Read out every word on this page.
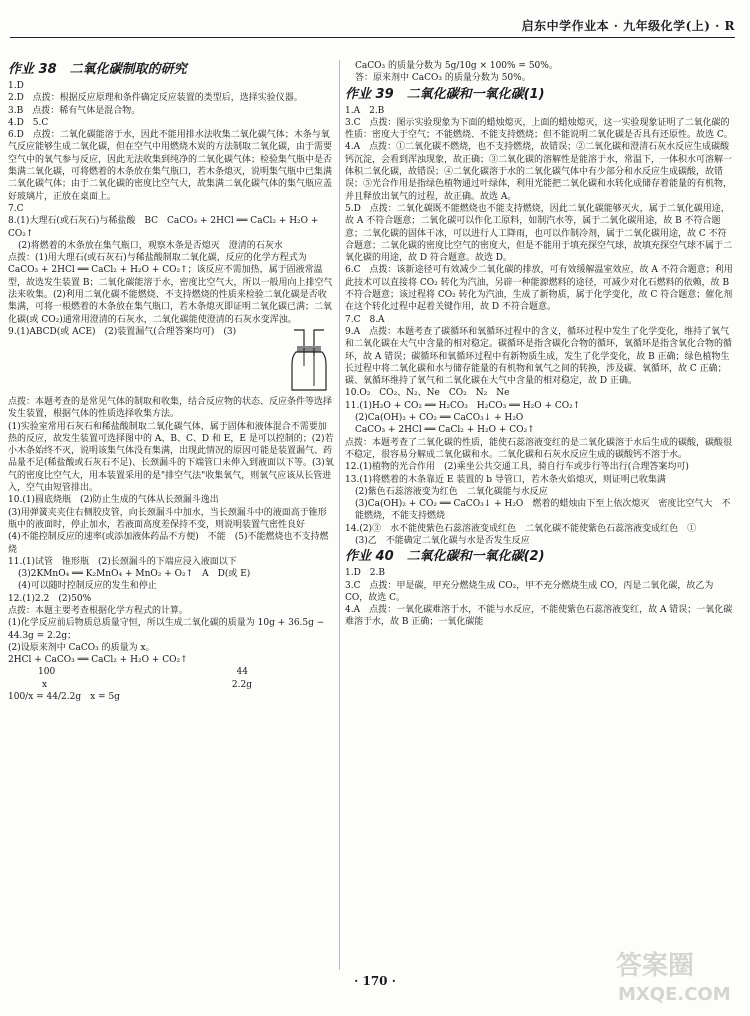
启东中学作业本 · 九年级化学(上) · R
作业 38　二氧化碳制取的研究

1.D

2.D　点拨：根据反应原理和条件确定反应装置的类型后，选择实验仪器。

3.B　点拨：稀有气体是混合物。

4.D　5.C

6.D　点拨：二氧化碳能溶于水，因此不能用排水法收集二氧化碳气体；木条与氧气反应能够生成二氧化碳，但在空气中用燃烧木炭的方法制取二氧化碳，由于需要空气中的氧气参与反应，因此无法收集到纯净的二氧化碳气体；检验集气瓶中是否集满二氧化碳，可将燃着的木条放在集气瓶口，若木条熄灭，说明集气瓶中已集满二氧化碳气体；由于二氧化碳的密度比空气大，故集满二氧化碳气体的集气瓶应盖好玻璃片，正放在桌面上。

7.C

8.(1)大理石(或石灰石)与稀盐酸　BC　CaCO₃ + 2HCl ══ CaCl₂ + H₂O + CO₂↑

(2)将燃着的木条放在集气瓶口，观察木条是否熄灭　澄清的石灰水

点拨：(1)用大理石(或石灰石)与稀盐酸制取二氧化碳，反应的化学方程式为 CaCO₃ + 2HCl ══ CaCl₂ + H₂O + CO₂↑；该反应不需加热，属于固液常温型，故选发生装置 B；二氧化碳能溶于水，密度比空气大，所以一般用向上排空气法来收集。(2)利用二氧化碳不能燃烧、不支持燃烧的性质来检验二氧化碳是否收集满，可将一根燃着的木条放在集气瓶口，若木条熄灭即证明二氧化碳已满；二氧化碳(或 CO₂)通常用澄清的石灰水，二氧化碳能使澄清的石灰水变浑浊。

9.(1)ABCD(或 ACE)　(2)装置漏气(合理答案均可)　(3)

点拨：本题考查的是常见气体的制取和收集，结合反应物的状态、反应条件等选择发生装置，根据气体的性质选择收集方法。

(1)实验室常用石灰石和稀盐酸制取二氧化碳气体，属于固体和液体混合不需要加热的反应，故发生装置可选择图中的 A、B、C、D 和 E，E 是可以控制的；(2)若小木条始终不灭，说明该集气体没有集满，出现此情况的原因可能是装置漏气、药品量不足(稀盐酸或石灰石不足)、长颈漏斗的下端管口未伸入到液面以下等。(3)氧气的密度比空气大，用本装置采用的是"排空气法"收集氧气，则氧气应该从长管进入，空气由短管排出。

10.(1)圆底烧瓶　(2)防止生成的气体从长颈漏斗逸出

(3)用弹簧夹夹住右侧胶皮管，向长颈漏斗中加水，当长颈漏斗中的液面高于锥形瓶中的液面时，停止加水，若液面高度差保持不变，则说明装置气密性良好

(4)不能控制反应的速率(或添加液体药品不方便)　不能　(5)不能燃烧也不支持燃烧

11.(1)试管　锥形瓶　(2)长颈漏斗的下端应浸入液面以下

(3)2KMnO₄ ══ K₂MnO₄ + MnO₂ + O₂↑　A　D(或 E)

(4)可以随时控制反应的发生和停止

12.(1)2.2　(2)50%

点拨：本题主要考查根据化学方程式的计算。

(1)化学反应前后物质总质量守恒，所以生成二氧化碳的质量为 10g + 36.5g − 44.3g = 2.2g；

(2)设原来剂中 CaCO₃ 的质量为 x。

2HCl + CaCO₃ ══ CaCl₂ + H₂O + CO₂↑

100	44
x	2.2g

100/x = 44/2.2g　x = 5g

CaCO₃ 的质量分数为 5g/10g × 100% = 50%。

答：原来剂中 CaCO₃ 的质量分数为 50%。

作业 39　二氧化碳和一氧化碳(1)

1.A　2.B

3.C　点拨：图示实验现象为下面的蜡烛熄灭，上面的蜡烛熄灭，这一实验现象证明了二氧化碳的性质：密度大于空气；不能燃烧、不能支持燃烧；但不能说明二氧化碳是否具有还原性。故选 C。

4.A　点拨：①二氧化碳不燃烧，也不支持燃烧，故错误；②二氧化碳和澄清石灰水反应生成碳酸钙沉淀，会看到浑浊现象，故正确；③二氧化碳的溶解性是能溶于水，常温下，一体积水可溶解一体积二氧化碳，故错误；④二氧化碳溶于水的二氧化碳气体中有少部分和水反应生成碳酸，故错误；⑤光合作用是指绿色植物通过叶绿体，利用光能把二氧化碳和水转化成储存着能量的有机物，并且释放出氧气的过程，故正确。故选 A。

5.D　点拨：二氧化碳既不能燃烧也不能支持燃烧，因此二氧化碳能够灭火，属于二氧化碳用途，故 A 不符合题意；二氧化碳可以作化工原料，如制汽水等，属于二氧化碳用途，故 B 不符合题意；二氧化碳的固体干冰，可以进行人工降雨，也可以作制冷剂，属于二氧化碳用途，故 C 不符合题意；二氧化碳的密度比空气的密度大，但是不能用于填充探空气球，故填充探空气球不属于二氧化碳的用途，故 D 符合题意。故选 D。

6.C　点拨：该新途径可有效减少二氧化碳的排放，可有效缓解温室效应，故 A 不符合题意；利用此技术可以直接将 CO₂ 转化为汽油，另辟一种能源燃料的途径，可减少对化石燃料的依赖，故 B 不符合题意；该过程将 CO₂ 转化为汽油，生成了新物质，属于化学变化，故 C 符合题意；催化剂在这个转化过程中起着关键作用，故 D 不符合题意。

7.C　8.A

9.A　点拨：本题考查了碳循环和氧循环过程中的含义，循环过程中发生了化学变化，维持了氧气和二氧化碳在大气中含量的相对稳定。碳循环是指含碳化合物的循环，氧循环是指含氧化合物的循环，故 A 错误；碳循环和氧循环过程中有新物质生成，发生了化学变化，故 B 正确；绿色植物生长过程中将二氧化碳和水与储存能量的有机物和氧气之间的转换，涉及碳、氧循环，故 C 正确；碳、氧循环维持了氧气和二氧化碳在大气中含量的相对稳定，故 D 正确。

10.O₂　CO₂、N₂、Ne　CO₂　N₂　Ne

11.(1)H₂O + CO₂ ══ H₂CO₃　H₂CO₃ ══ H₂O + CO₂↑

(2)Ca(OH)₂ + CO₂ ══ CaCO₃↓ + H₂O

CaCO₃ + 2HCl ══ CaCl₂ + H₂O + CO₂↑

点拨：本题考查了二氧化碳的性质，能使石蕊溶液变红的是二氧化碳溶于水后生成的碳酸，碳酸很不稳定，很容易分解成二氧化碳和水。二氧化碳和石灰水反应生成的碳酸钙不溶于水。

12.(1)植物的光合作用　(2)乘坐公共交通工具，骑自行车或步行等出行(合理答案均可)

13.(1)将燃着的木条靠近 E 装置的 b 导管口，若木条火焰熄灭，则证明已收集满

(2)紫色石蕊溶液变为红色　二氧化碳能与水反应

(3)Ca(OH)₂ + CO₂ ══ CaCO₃↓ + H₂O　燃着的蜡烛由下至上依次熄灭　密度比空气大　不能燃烧，不能支持燃烧

14.(2)③　水不能使紫色石蕊溶液变成红色　二氧化碳不能使紫色石蕊溶液变成红色　①

(3)乙　不能确定二氧化碳与水是否发生反应

作业 40　二氧化碳和一氧化碳(2)

1.D　2.B

3.C　点拨：甲是碳，甲充分燃烧生成 CO₂，甲不充分燃烧生成 CO，丙是二氧化碳，故乙为 CO，故选 C。

4.A　点拨：一氧化碳难溶于水，不能与水反应，不能使紫色石蕊溶液变红，故 A 错误；一氧化碳难溶于水，故 B 正确；一氧化碳能

· 170 ·	答案圈
MXQE.COM
